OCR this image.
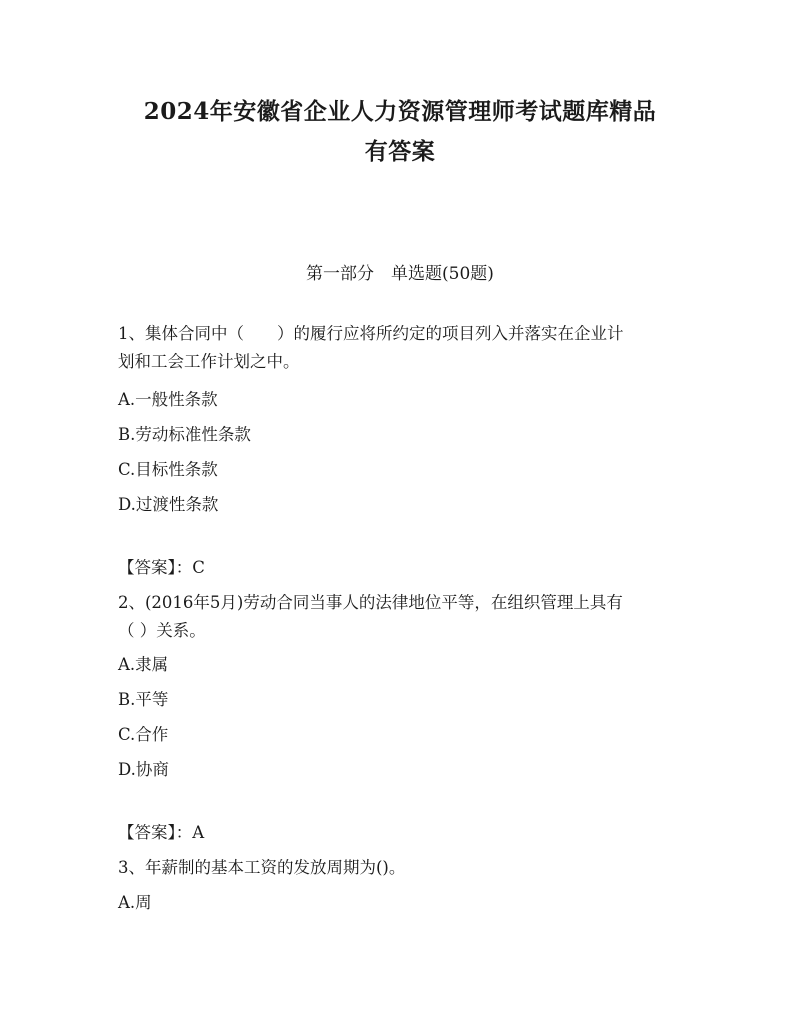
2024年安徽省企业人力资源管理师考试题库精品
有答案
第一部分　单选题(50题)
1、集体合同中（　　）的履行应将所约定的项目列入并落实在企业计
划和工会工作计划之中。
A.一般性条款
B.劳动标准性条款
C.目标性条款
D.过渡性条款
【答案】：C
2、(2016年5月)劳动合同当事人的法律地位平等，在组织管理上具有
（ ）关系。
A.隶属
B.平等
C.合作
D.协商
【答案】：A
3、年薪制的基本工资的发放周期为()。
A.周
